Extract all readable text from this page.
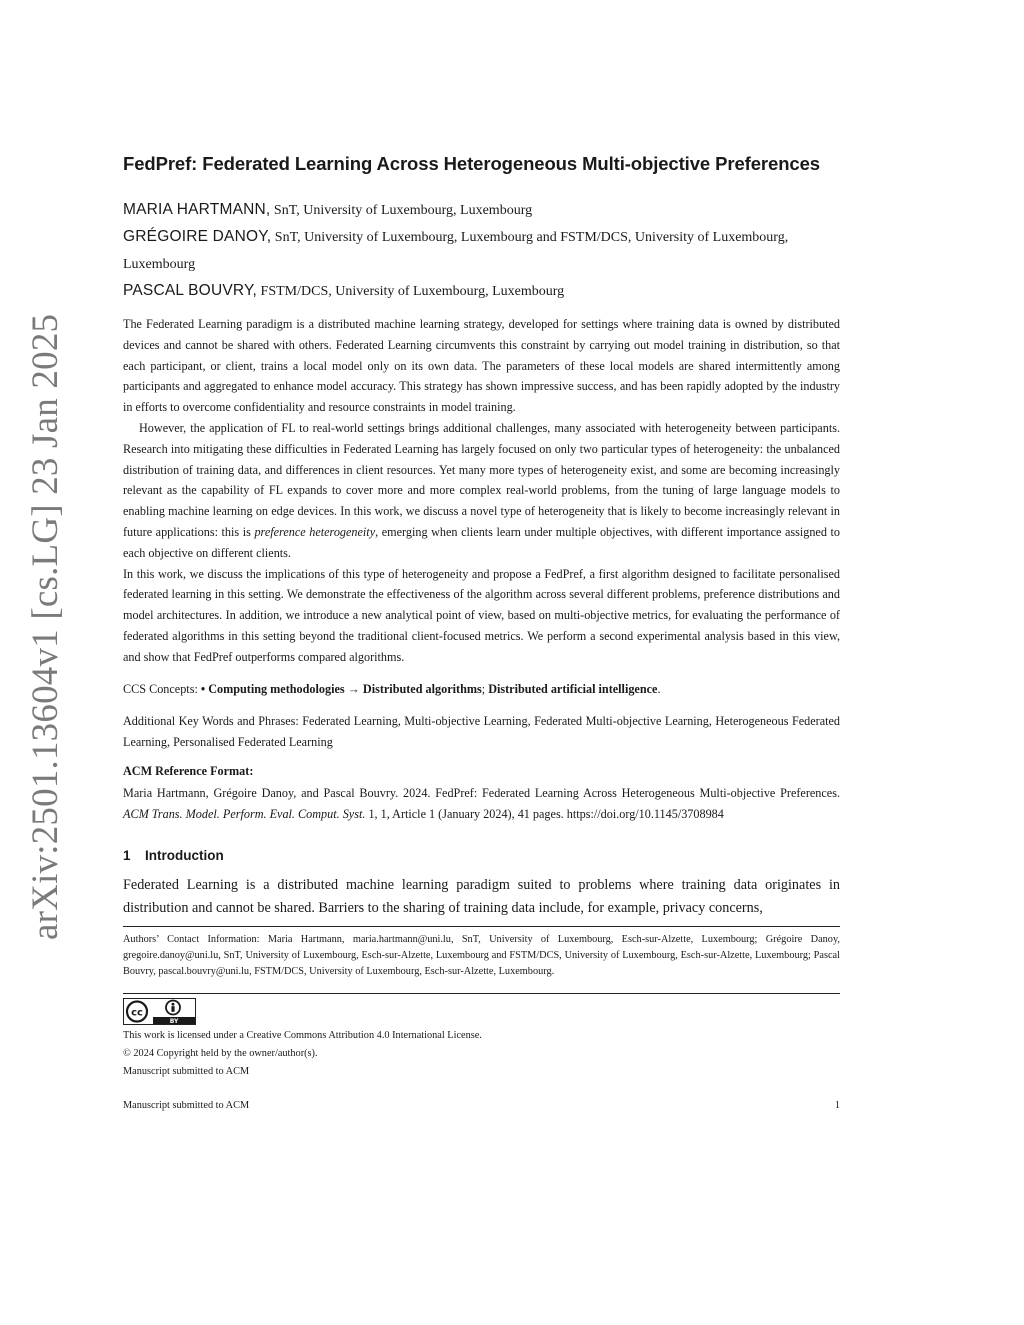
arXiv:2501.13604v1 [cs.LG] 23 Jan 2025
FedPref: Federated Learning Across Heterogeneous Multi-objective Preferences
MARIA HARTMANN, SnT, University of Luxembourg, Luxembourg
GRÉGOIRE DANOY, SnT, University of Luxembourg, Luxembourg and FSTM/DCS, University of Luxembourg, Luxembourg
PASCAL BOUVRY, FSTM/DCS, University of Luxembourg, Luxembourg

The Federated Learning paradigm is a distributed machine learning strategy, developed for settings where training data is owned by distributed devices and cannot be shared with others. Federated Learning circumvents this constraint by carrying out model training in distribution, so that each participant, or client, trains a local model only on its own data. The parameters of these local models are shared intermittently among participants and aggregated to enhance model accuracy. This strategy has shown impressive success, and has been rapidly adopted by the industry in efforts to overcome confidentiality and resource constraints in model training.

However, the application of FL to real-world settings brings additional challenges, many associated with heterogeneity between participants. Research into mitigating these difficulties in Federated Learning has largely focused on only two particular types of heterogeneity: the unbalanced distribution of training data, and differences in client resources. Yet many more types of heterogeneity exist, and some are becoming increasingly relevant as the capability of FL expands to cover more and more complex real-world problems, from the tuning of large language models to enabling machine learning on edge devices. In this work, we discuss a novel type of heterogeneity that is likely to become increasingly relevant in future applications: this is preference heterogeneity, emerging when clients learn under multiple objectives, with different importance assigned to each objective on different clients.

In this work, we discuss the implications of this type of heterogeneity and propose a FedPref, a first algorithm designed to facilitate personalised federated learning in this setting. We demonstrate the effectiveness of the algorithm across several different problems, preference distributions and model architectures. In addition, we introduce a new analytical point of view, based on multi-objective metrics, for evaluating the performance of federated algorithms in this setting beyond the traditional client-focused metrics. We perform a second experimental analysis based in this view, and show that FedPref outperforms compared algorithms.

CCS Concepts: • Computing methodologies → Distributed algorithms; Distributed artificial intelligence.
Additional Key Words and Phrases: Federated Learning, Multi-objective Learning, Federated Multi-objective Learning, Heterogeneous Federated Learning, Personalised Federated Learning
ACM Reference Format:
Maria Hartmann, Grégoire Danoy, and Pascal Bouvry. 2024. FedPref: Federated Learning Across Heterogeneous Multi-objective Preferences. ACM Trans. Model. Perform. Eval. Comput. Syst. 1, 1, Article 1 (January 2024), 41 pages. https://doi.org/10.1145/3708984
1 Introduction
Federated Learning is a distributed machine learning paradigm suited to problems where training data originates in distribution and cannot be shared. Barriers to the sharing of training data include, for example, privacy concerns,
Authors’ Contact Information: Maria Hartmann, maria.hartmann@uni.lu, SnT, University of Luxembourg, Esch-sur-Alzette, Luxembourg; Grégoire Danoy, gregoire.danoy@uni.lu, SnT, University of Luxembourg, Esch-sur-Alzette, Luxembourg and FSTM/DCS, University of Luxembourg, Esch-sur-Alzette, Luxembourg; Pascal Bouvry, pascal.bouvry@uni.lu, FSTM/DCS, University of Luxembourg, Esch-sur-Alzette, Luxembourg.
cc
BY
This work is licensed under a Creative Commons Attribution 4.0 International License.
© 2024 Copyright held by the owner/author(s).
Manuscript submitted to ACM
Manuscript submitted to ACM	1
